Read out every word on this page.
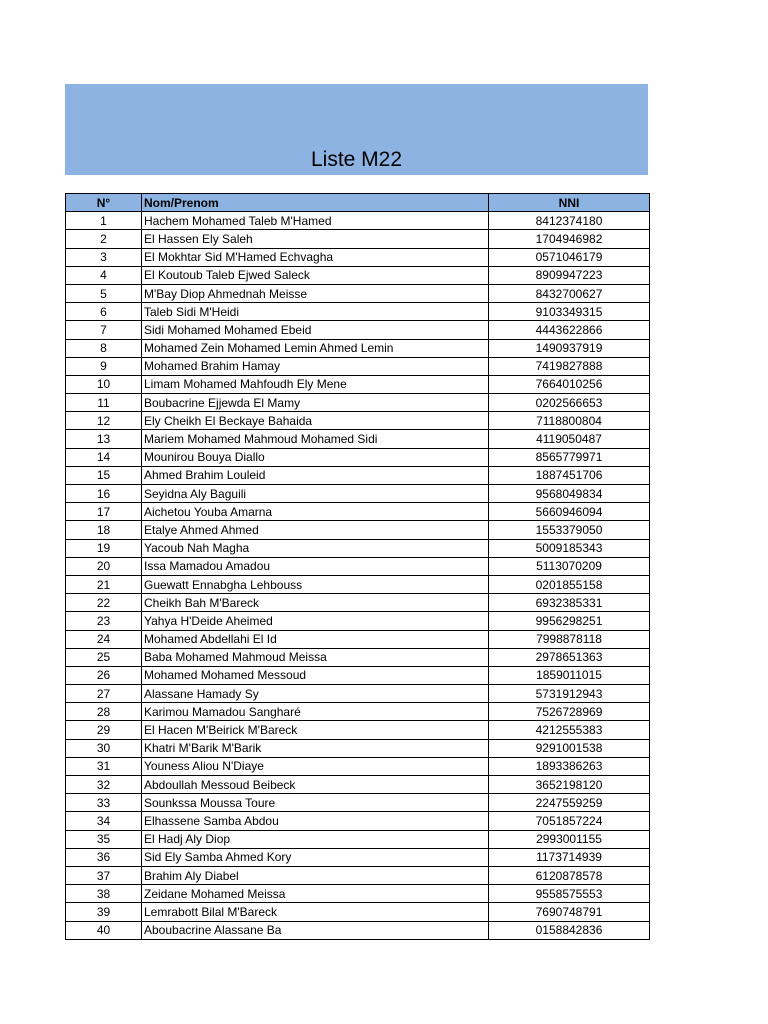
Liste M22
N°	Nom/Prenom	NNI
1	Hachem Mohamed Taleb M'Hamed	8412374180
2	El Hassen Ely Saleh	1704946982
3	El Mokhtar Sid M'Hamed Echvagha	0571046179
4	El Koutoub Taleb Ejwed Saleck	8909947223
5	M'Bay Diop Ahmednah Meisse	8432700627
6	Taleb Sidi M'Heidi	9103349315
7	Sidi Mohamed Mohamed Ebeid	4443622866
8	Mohamed Zein Mohamed Lemin Ahmed Lemin	1490937919
9	Mohamed Brahim Hamay	7419827888
10	Limam Mohamed Mahfoudh Ely Mene	7664010256
11	Boubacrine Ejjewda El Mamy	0202566653
12	Ely Cheikh El Beckaye Bahaida	7118800804
13	Mariem Mohamed Mahmoud Mohamed Sidi	4119050487
14	Mounirou Bouya Diallo	8565779971
15	Ahmed Brahim Louleid	1887451706
16	Seyidna Aly Baguili	9568049834
17	Aichetou Youba Amarna	5660946094
18	Etalye Ahmed Ahmed	1553379050
19	Yacoub Nah Magha	5009185343
20	Issa Mamadou Amadou	5113070209
21	Guewatt Ennabgha Lehbouss	0201855158
22	Cheikh Bah M'Bareck	6932385331
23	Yahya H'Deide Aheimed	9956298251
24	Mohamed Abdellahi El Id	7998878118
25	Baba Mohamed Mahmoud Meissa	2978651363
26	Mohamed Mohamed Messoud	1859011015
27	Alassane Hamady Sy	5731912943
28	Karimou Mamadou Sangharé	7526728969
29	El Hacen M'Beirick M'Bareck	4212555383
30	Khatri M'Barik M'Barik	9291001538
31	Youness Aliou N'Diaye	1893386263
32	Abdoullah Messoud Beibeck	3652198120
33	Sounkssa Moussa Toure	2247559259
34	Elhassene Samba Abdou	7051857224
35	El Hadj Aly Diop	2993001155
36	Sid Ely Samba Ahmed Kory	1173714939
37	Brahim Aly Diabel	6120878578
38	Zeidane Mohamed Meissa	9558575553
39	Lemrabott Bilal M'Bareck	7690748791
40	Aboubacrine Alassane Ba	0158842836
